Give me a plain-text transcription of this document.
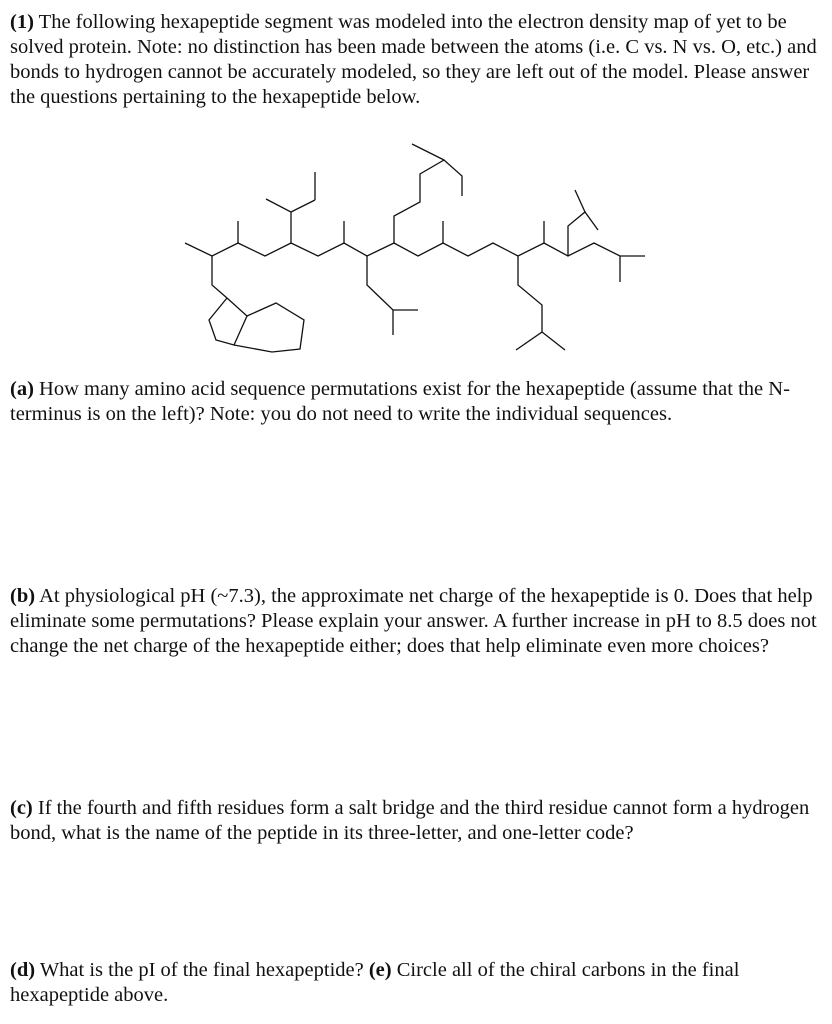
(1) The following hexapeptide segment was modeled into the electron density map of yet to be solved protein. Note: no distinction has been made between the atoms (i.e. C vs. N vs. O, etc.) and bonds to hydrogen cannot be accurately modeled, so they are left out of the model. Please answer the questions pertaining to the hexapeptide below.

(a) How many amino acid sequence permutations exist for the hexapeptide (assume that the N-terminus is on the left)? Note: you do not need to write the individual sequences.

(b) At physiological pH (~7.3), the approximate net charge of the hexapeptide is 0. Does that help eliminate some permutations? Please explain your answer. A further increase in pH to 8.5 does not change the net charge of the hexapeptide either; does that help eliminate even more choices?

(c) If the fourth and fifth residues form a salt bridge and the third residue cannot form a hydrogen bond, what is the name of the peptide in its three-letter, and one-letter code?

(d) What is the pI of the final hexapeptide? (e) Circle all of the chiral carbons in the final hexapeptide above.
